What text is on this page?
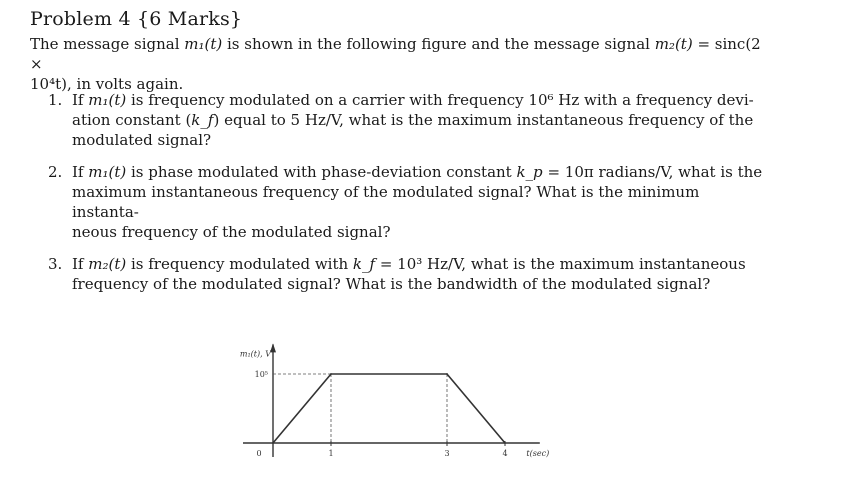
Problem 4 {6 Marks}
The message signal m₁(t) is shown in the following figure and the message signal m₂(t) = sinc(2 ×
10⁴t), in volts again.
1. If m₁(t) is frequency modulated on a carrier with frequency 10⁶ Hz with a frequency devi-
ation constant (k_f) equal to 5 Hz/V, what is the maximum instantaneous frequency of the
modulated signal?
2. If m₁(t) is phase modulated with phase-deviation constant k_p = 10π radians/V, what is the
maximum instantaneous frequency of the modulated signal? What is the minimum instanta-
neous frequency of the modulated signal?
3. If m₂(t) is frequency modulated with k_f = 10³ Hz/V, what is the maximum instantaneous
frequency of the modulated signal? What is the bandwidth of the modulated signal?
0	1	3	4
10⁵
m₁(t), V
t(sec)
